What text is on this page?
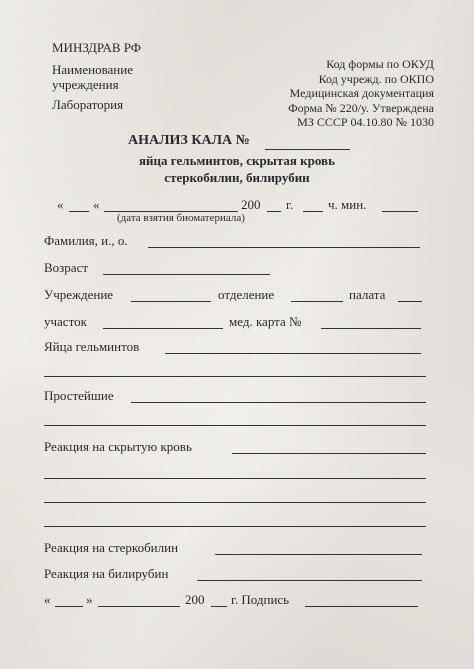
МИНЗДРАВ РФ
Наименование
учреждения
Лаборатория
Код формы по ОКУД
Код учрежд. по ОКПО
Медицинская документация
Форма № 220/у. Утверждена
МЗ СССР 04.10.80 № 1030
АНАЛИЗ КАЛА №
яйца гельминтов, скрытая кровь
стеркобилин, билирубин
« «	200 г.	ч. мин.
(дата взятия биоматериала)
Фамилия, и., о.
Возраст
Учреждение	отделение	палата
участок	мед. карта №
Яйца гельминтов
Простейшие
Реакция на скрытую кровь
Реакция на стеркобилин
Реакция на билирубин
«	»	200 г. Подпись
